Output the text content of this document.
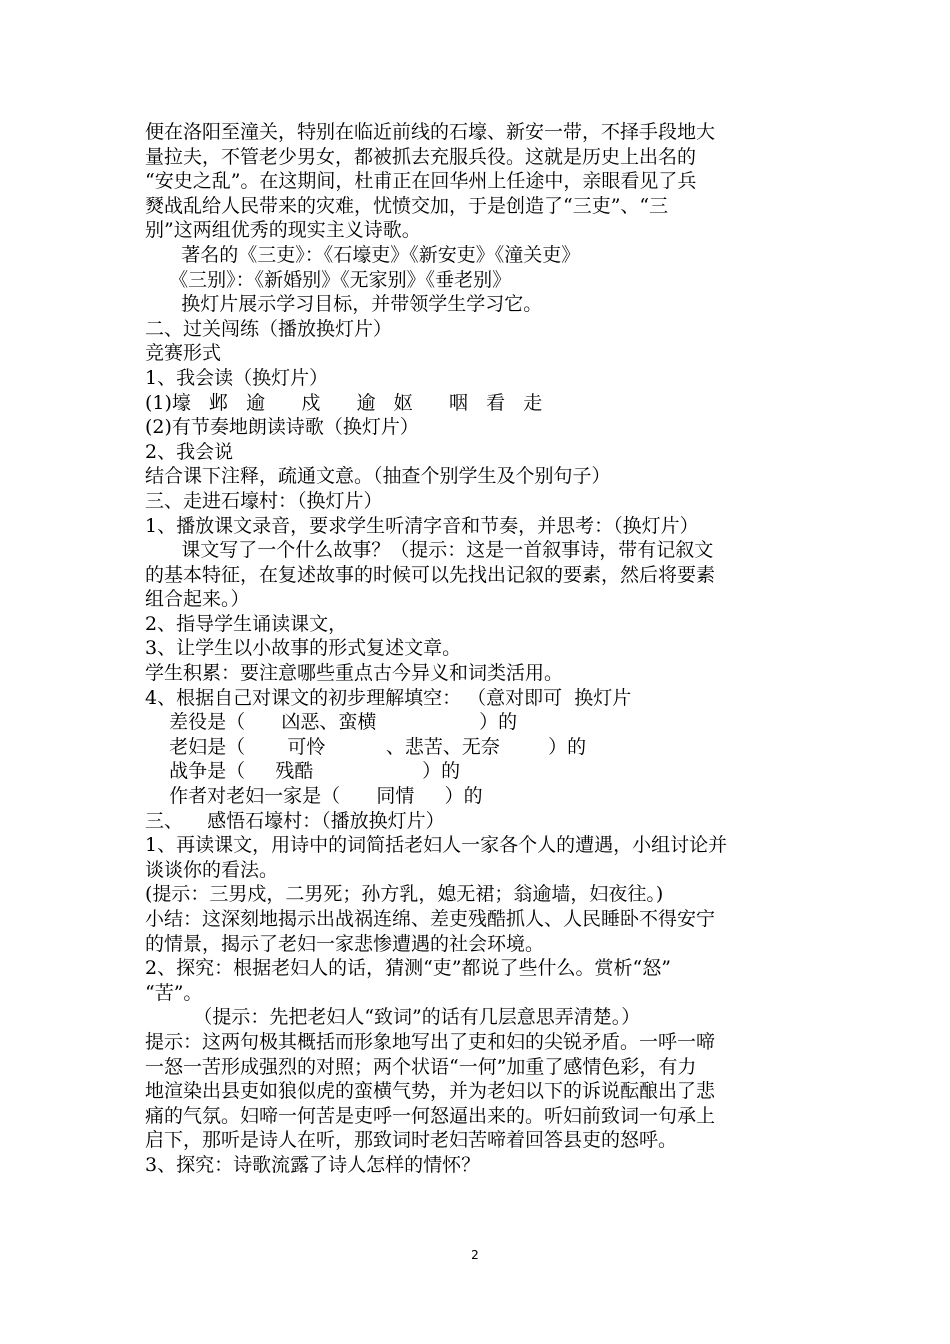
便在洛阳至潼关，特别在临近前线的石壕、新安一带，不择手段地大
量拉夫，不管老少男女，都被抓去充服兵役。这就是历史上出名的
“安史之乱”。在这期间，杜甫正在回华州上任途中，亲眼看见了兵
燹战乱给人民带来的灾难，忧愤交加，于是创造了“三吏”、“三
别”这两组优秀的现实主义诗歌。
著名的《三吏》：《石壕吏》《新安吏》《潼关吏》
《三别》：《新婚别》《无家别》《垂老别》
换灯片展示学习目标，并带领学生学习它。
二、过关闯练（播放换灯片）
竞赛形式
1、我会读（换灯片）
(1)壕   邺   逾      戍      逾   妪      咽   看   走
(2)有节奏地朗读诗歌（换灯片）
2、我会说
结合课下注释，疏通文意。（抽查个别学生及个别句子）
三、走进石壕村：（换灯片）
1、播放课文录音，要求学生听清字音和节奏，并思考：（换灯片）
课文写了一个什么故事？（提示：这是一首叙事诗，带有记叙文
的基本特征，在复述故事的时候可以先找出记叙的要素，然后将要素
组合起来。）
2、指导学生诵读课文，
3、让学生以小故事的形式复述文章。
学生积累：要注意哪些重点古今异义和词类活用。
4、根据自己对课文的初步理解填空： （意对即可  换灯片
差役是（      凶恶、蛮横                 ）的
老妇是（       可怜          、悲苦、无奈        ）的
战争是（     残酷                  ）的
作者对老妇一家是（      同情     ）的
三、    感悟石壕村：（播放换灯片）
1、再读课文，用诗中的词简括老妇人一家各个人的遭遇，小组讨论并
谈谈你的看法。
(提示：三男戍，二男死；孙方乳，媳无裙；翁逾墙，妇夜往。)
小结：这深刻地揭示出战祸连绵、差吏残酷抓人、人民睡卧不得安宁
的情景，揭示了老妇一家悲惨遭遇的社会环境。
2、探究：根据老妇人的话，猜测“吏”都说了些什么。赏析“怒”
“苦”。
（提示：先把老妇人“致词”的话有几层意思弄清楚。）
提示：这两句极其概括而形象地写出了吏和妇的尖锐矛盾。一呼一啼
一怒一苦形成强烈的对照；两个状语“一何”加重了感情色彩，有力
地渲染出县吏如狼似虎的蛮横气势，并为老妇以下的诉说酝酿出了悲
痛的气氛。妇啼一何苦是吏呼一何怒逼出来的。听妇前致词一句承上
启下，那听是诗人在听，那致词时老妇苦啼着回答县吏的怒呼。
3、探究：诗歌流露了诗人怎样的情怀？
2
